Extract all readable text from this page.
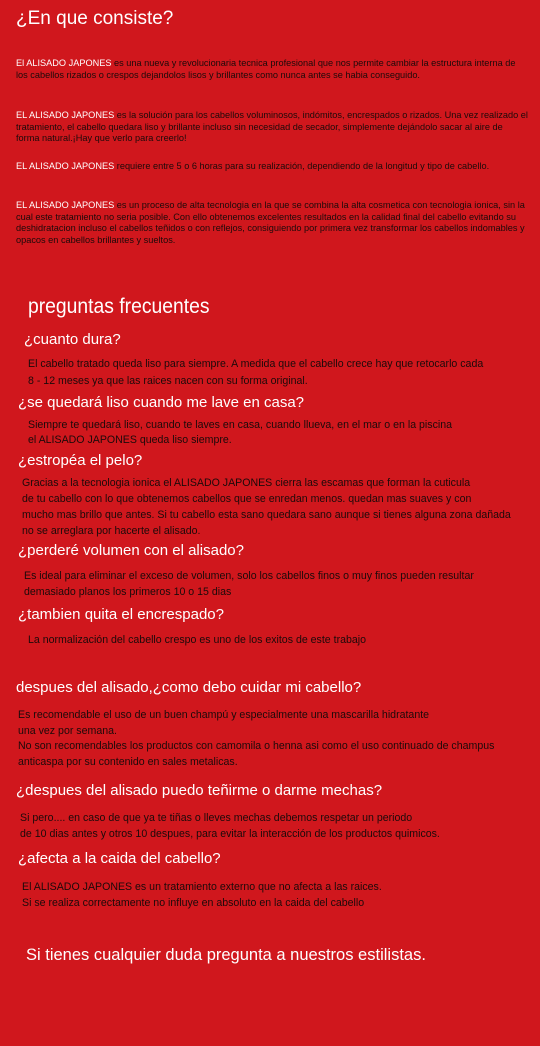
¿En que consiste?
El ALISADO JAPONES es una nueva y revolucionaria tecnica profesional que nos permite cambiar la estructura interna de los cabellos rizados o crespos dejandolos lisos y brillantes como nunca antes se habia conseguido.
EL ALISADO JAPONES es la solución para los cabellos voluminosos, indómitos, encrespados o rizados. Una vez realizado el tratamiento, el cabello quedara liso y brillante incluso sin necesidad de secador, simplemente dejándolo sacar al aire de forma natural.¡Hay que verlo para creerlo!
EL ALISADO JAPONES requiere entre 5 o 6 horas para su realización, dependiendo de la longitud y tipo de cabello.
EL ALISADO JAPONES es un proceso de alta tecnologia en la que se combina la alta cosmetica con tecnologia ionica, sin la cual este tratamiento no seria posible. Con ello obtenemos excelentes resultados en la calidad final del cabello evitando su deshidratacion incluso el cabellos teñidos o con reflejos, consiguiendo por primera vez transformar los cabellos indomables y opacos en cabellos brillantes y sueltos.
preguntas frecuentes
¿cuanto dura?
El cabello tratado queda liso para siempre. A medida que el cabello crece hay que retocarlo cada
8 - 12 meses ya que las raices nacen con su forma original.
¿se quedará liso cuando me lave en casa?
Siempre te quedará liso, cuando te laves en casa, cuando llueva, en el mar o en la piscina
el ALISADO JAPONES queda liso siempre.
¿estropéa el pelo?
Gracias a la tecnologia ionica el ALISADO JAPONES cierra las escamas que forman la cuticula
de tu cabello con lo que obtenemos cabellos que se enredan menos. quedan mas suaves y con
mucho mas brillo que antes. Si tu cabello esta sano quedara sano aunque si tienes alguna zona dañada
no se arreglara por hacerte el alisado.
¿perderé volumen con el alisado?
Es ideal para eliminar el exceso de volumen, solo los cabellos finos o muy finos pueden resultar
demasiado planos los primeros 10 o 15 dias
¿tambien quita el encrespado?
La normalización del cabello crespo es uno de los exitos de este trabajo
despues del alisado,¿como debo cuidar mi cabello?
Es recomendable el uso de un buen champú y especialmente una mascarilla hidratante
una vez por semana.
No son recomendables los productos con camomila o henna asi como el uso continuado de champus
anticaspa por su contenido en sales metalicas.
¿despues del alisado puedo teñirme o darme mechas?
Si pero.... en caso de que ya te tiñas o lleves mechas debemos respetar un periodo
de 10 dias antes y otros 10 despues, para evitar la interacción de los productos quimicos.
¿afecta a la caida del cabello?
El ALISADO JAPONES es un tratamiento externo que no afecta a las raices.
Si se realiza correctamente no influye en absoluto en la caida del cabello
Si tienes cualquier duda pregunta a nuestros estilistas.
